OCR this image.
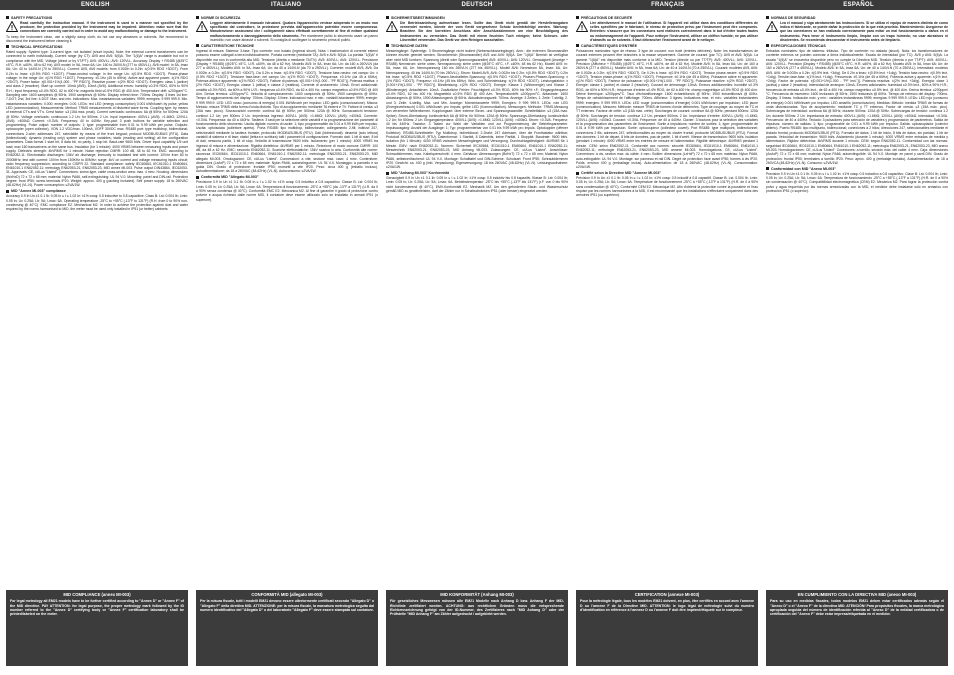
ENGLISH	ITALIANO	DEUTSCH	FRANÇAIS	ESPAÑOL
SAFETY PRECAUTIONS
Read carefully the instruction manual. If the instrument is used in a manner not specified by the producer, the protection provided by the instrument may be impaired. Attention: make sure that the connections are correctly carried out in order to avoid any malfunctioning or damage to the instrument.
To keep the instrument clean, use a slightly damp cloth; do not use any abrasives or solvents. We recommend to disconnect the instrument before cleaning it.
TECHNICAL SPECIFICATIONS
Rated supply: System type: 3-current type: not isolated (shunt inputs). Note: the external current transformers can be connected to earth individually. Current range (by CT): AV5 and AV6: 5(6)A. The "1(6)A" range is available but not in compliance with the MID. Voltage (direct or by VT/PT): AV5: 400VLL; AV6: 120VLL. Accuracy: Display + RS485 (@25°C ±5°C, R.H. ≤60%, 48 to 62 Hz). AV5 model: In 5A, Imax 6A; Un: 160 to 260VLN (277 to 450VLL). AV6 model: In 5A, Imax 6A; Un: 40 to 144VLN (70 to 250VLL). Current: AV5, AV6 models: from 0.002In to 0.2In: ±(0.5% RDG +3DGT). From 0.2In to Imax: ±(0.5% RDG +1DGT). Phase-neutral voltage: in the range Un: ±(0.5% RDG +1DGT). Phase-phase voltage: in the range Un: ±(1% RDG +1DGT). Frequency: ±0.1Hz (45 to 65Hz). Active and apparent power: ±(1% RDG +2DGT). Power factor: ±[0.001+1%(1.000 - "PF RDG")]. Reactive power: ±(2% RDG +2DGT). Energies: class 1 (active) and class 2 (reactive). Start up current: 10mA (AV5), 10mA (AV6). Additional errors: humidity ≤0.3% RDG, 60% to 90% R.H.; input frequency ≤0.4% RDG, 62 to 400 Hz; magnetic field ≤0.5% RDG @ 400 A/m. Temperature drift: ≤200ppm/°C. Sampling rate: 1600 samples/s @ 50Hz, 1900 samples/s @ 60Hz. Display refresh time: 700ms. Display: 3 lines 1st line: 7-DGT; 2nd, 3rd line: 4-DGT. Max. and min. indications: Max. instantaneous variables: 9999; energies: 9 999 999.9. Min. instantaneous variables: 0.000; energies: 0.00. LEDs: red LED (energy consumption) 0.001 kWh/kvarh by pulse; yellow LED (communication). Measurements: Method: TRMS measurements of distorted wave forms. Coupling type: by means of external CT's and VT's. Crest factor: ≤3 (15A max. peak). Current overloads: continuous: 6A @ 50Hz; for 500ms: 120A @ 50Hz. Voltage overloads: continuous 1.2 Un; for 500ms: 2 Un. Input impedance: 400VLL (AV5): >1.6MΩ; 120VLL (AV6): >400kΩ. Current: <0.3VA. Frequency: 40 to 440Hz. Key-pad: 3 push buttons for variable selection and programming. Pulse output: number of outputs: 1; type: programmable from 0.01 to 9.99 kWh per pulse. Outputs: optocoupler (open collector), VON 1.2 VDC/max. 100mA, VOFF 30VDC max. RS485 port: type multidrop, bidirectional; connections 2-wire; addresses 247, selectable by means of the front keypad; protocol MODBUS/JBUS (RTU). Data (bidirectional): dynamic (reading only) system and phase variables; static (reading and writing) all the configuration parameters. Data format 1 start bit, 8 data bit, no parity, 1 stop bit. Baud-rate 9600 bit/s. Driver input capability 1/5 unit load; max 160 transceivers on the same bus. Insulation (for 1 minute): 4000 VRMS between measuring inputs and power supply. Dielectric strength: 4kVRMS for 1 minute. Noise rejection CMRR: 100 dB, 48 to 62 Hz. EMC: according to EN62052-11. Electrostatic discharges: 15kV air discharge; immunity to irradiated test with current: 10V/m from 80 to 2000MHz; test with current: 10V/m from 150KHz to 80MHz; surge: 4kV on current and voltage measuring inputs circuit; radio frequency suppression: according to CISPR 22. Standard compliance: safety IEC60664, IEC61010-1 EN60664, EN61010-1 EN62052-11; metrology EN62053-21, EN62053-23, MID annex MI-003. Pulse output DIN43864, IEC62053-31. Approvals: CE, cULus "Listed". Connections: screw-type, cable cross-section area: max. 4 mm². Housing: dimensions (WxHxD) 72 x 72 x 65 mm; material: Nylon PA66, self-extinguishing: UL 94 V-0. Mounting: panel and DIN-rail. Protection degree: front IP50; screw terminals IP20. Weight: approx. 400 g (packing included). Self power supply: 18 to 260VAC (48-62Hz) (VL-N). Power consumption: ≤2VA/1W.
MID "Annex MI-003" compliance
Accuracy 0.9 In Un ±1 0.1 Ib: 0.05 In ≤ I ≤ 1.02 In: ±1% cosφ: 0.5 inductive to 0.8 capacitive. Class B: Lst: 0.004 Ib; Lmin: 0.05 In; Lb: 0.25A; Lb: 5A; Lmax: 6A. Operating temperature -25°C to +55°C (-13°F to 131°F) (R.H. from 0 to 90% non-condensing @ 40°C). EMC compliance E2. Mechanical M2. In order to achieve the protection against dust and water required by the norms harmonised to MID, the meter must be used only installed in IP51 (or better) cabinets.
NORME DI SICUREZZA
Leggere attentamente il manuale istruzioni. Qualora l'apparecchio venisse adoperato in un modo non specificato dal costruttore, la protezione prevista dall'apparecchio potrebbe essere compromessa. Manutenzione: assicurarsi che i collegamenti siano effettuati correttamente al fine di evitare qualsiasi malfunzionamento o danneggiamento dello strumento. Per mantenere pulito lo strumento usare un panno inumidito; non usare abrasivi o solventi. Si consiglia di scollegare lo strumento prima di pulirlo.
CARATTERISTICHE TECNICHE
Ingressi di misura: Sistema: 3-fase. Tipo corrente: non isolato (ingressi shunt). Nota: i trasformatori di corrente esterni possono essere collegati a terra individualmente. Portata corrente (mediante TA): AV5 e AV6: 5(6)A. La portata "1(6)A" è disponibile ma non in conformità alla MID. Tensione (diretta o mediante TA/TV): AV5: 400VLL; AV6: 120VLL. Precisione (Display + RS485) (@25°C ±5°C, U.R. ≤60%, da 48 a 62 Hz). Modello AV5: In 5A, Imax 6A; Un: da 160 a 260VLN (da 277 a 450VLL). Modello AV6: In 5A, Imax 6A; Un: da 40 a 144VLN (da 70 a 250VLL). Corrente: modelli AV5, AV6: Da 0.002In a 0.2In: ±(0.5% RDG +3DGT). Da 0.2In a Imax: ±(0.5% RDG +1DGT). Tensione fase-neutro: nel campo Un: ±(0.5% RDG +1DGT). Tensione fase-fase: nel campo Un: ±(1% RDG +1DGT). Frequenza: ±0.1Hz (da 45 a 65Hz). Potenza attiva e apparente: ±(1% RDG +2DGT). Fattore di potenza: ±[0.001+1%(1.000 - "PF RDG")]. Potenza reattiva: ±(2% RDG +2DGT). Energia: classe 1 (attiva) e classe 2 (reattiva). Corrente di avviamento: 10mA. Errori addizionali: umidità ≤0.3% RDG, da 60% a 90% U.R.; frequenza ≤0.4% RDG, da 62 a 400 Hz; campo magnetico ≤0.5% RDG @ 400 A/m. Deriva termica: ≤200ppm/°C. Velocità di campionamento: 1600 campioni/s @ 50Hz, 1900 campioni/s @ 60Hz. Tempo di aggiornamento del display: 700ms. Display: 3 linee. Indicazioni max. e min.: variabili istantanee: 9999; energie: 9 999 999.9. LED: LED rosso (consumo di energia) 0.001 kWh/kvarh per impulso; LED giallo (comunicazione). Misura: Metodo: misura TRMS della forma d'onda distorta. Tipo di accoppiamento: mediante TA esterni e TV. Fattore di cresta: ≤3 (15A max. picco). Sovraccarichi corrente: continui 6A @ 50Hz; per 500ms: 120A @ 50Hz. Sovraccarichi tensione: continui 1.2 Un; per 500ms 2 Un. Impedenza ingressi: 400VLL (AV5): >1.6MΩ; 120VLL (AV6): >400kΩ. Corrente: <0.3VA. Frequenza: da 40 a 440Hz. Tastiera: 3 tasti per la selezione delle variabili e la programmazione dei parametri di funzionamento dello strumento. Uscita digitale: numero di uscite: 1; tipo: programmabile da 0.01 a 9.99 kWh per impulso. Uscita: optoisolata (collettore aperto). Porta RS485: tipo multidrop, bidirezionale; collegamento 2-fili; indirizzi 247, selezionabili mediante la tastiera frontale; protocollo MODBUS/JBUS (RTU). Dati (bidirezionali): dinamici (solo lettura) variabili di sistema e di fase; statici (lettura e scrittura) tutti i parametri di configurazione. Formato dati: 1 bit di start, 8 bit di dati, nessuna parità, 1 bit di stop. Velocità di trasmissione 9600 bit/s. Isolamento (per 1 minuto): 4000 VRMS tra ingressi di misura e alimentazione. Rigidità dielettrica: 4kVRMS per 1 minuto. Reiezione di modo comune CMRR: 100 dB, da 48 a 62 Hz. EMC: secondo EN62052-11. Scariche elettrostatiche: 15kV scarica in aria. Conformità alle norme: sicurezza IEC60664, IEC61010-1 EN60664, EN61010-1 EN62052-11; metrologia EN62053-21, EN62053-23, MID allegato MI-003. Omologazioni: CE, cULus "Listed". Connessioni: a vite, sezione max. cavo: 4 mm². Contenitore: dimensioni (LxAxP) 72 x 72 x 65 mm; materiale: Nylon PA66, autoestinguente: UL 94 V-0. Montaggio: a pannello e su guida DIN. Grado di protezione: frontale IP50; morsetti a vite IP20. Peso: circa 400 g (imballo incluso). Autoalimentazione: da 18 a 260VAC (48-62Hz) (VL-N). Autoconsumo: ≤2VA/1W.
Conformità MID "Allegato MI-003"
Precisione 0.9 In Un ±1 0.1 Ib: 0.05 In ≤ I ≤ 1.02 In: ±1% cosφ: 0.5 induttivo a 0.8 capacitivo. Classe B: Lst: 0.004 Ib; Lmin: 0.05 In; Lb: 0.25A; Lb: 5A; Lmax: 6A. Temperatura di funzionamento -25°C a +55°C (da -13°F a 131°F) (U.R. da 0 a 90% senza condensa @ 40°C). Conformità EMC E2. Meccanica M2. Al fine di garantire il grado di protezione contro polvere e acqua richiesto dalle norme MID, il contatore deve essere utilizzato solo se installato in armadi IP51 (o superiore).
SICHERHEITSBESTIMMUNGEN
Die Betriebsanleitung aufmerksam lesen. Sollte das Gerät nicht gemäß der Herstellerangaben verwendet werden, könnte der vom Gerät vorgesehene Schutz beeinträchtigt werden. Wartung: Beachten Sie den korrekten Anschluss aller Anschlussklemmen um eine Beschädigung des Instrumentes zu vermeiden. Das Gerät mit einem feuchten Tuch reinigen; keine Scheuer- oder Lösemittel verwenden. Das Gerät vor dem Reinigen ausschalten.
TECHNISCHE DATEN
Messeingänge: Systemtyp: 3 Stromeingänge nicht isoliert (Nebenschlusseingänge). Anm.: die externen Stromwandler können einzeln geerdet werden. Strombereich (Stromwandler) AV5 und AV6: 5(6)A. Der "1(6)A" Bereich ist verfügbar aber nicht MID konform. Spannung (direkt oder Spannungswandler) AV5: 400VLL; AV6: 120VLL. Genauigkeit (Anzeige + RS485) Nennstrom: siehe unten. Nennspannung: siehe unten (@25°C ±5°C, r.F. ≤60%, 48 bis 62 Hz). Modell AV5: In: 5A, Imax: 6A, Un: Nennspannung 160 bis 260VLN (277 bis 450VLL). Modell AV6: Nennstrom 5A, Imax: 6A, Un: Nennspannung: 40 bis 144VLN (70 bis 250VLL). Strom: Modell AV5, AV6: 0.002In bis 0.2In: ±(0.5% RDG +3DGT); 0.2In bis Imax: ±(0.5% RDG +1DGT). Phasen-Neutralleiter-Spannung: ±(0.5% RDG +1DGT). Phasen-Phasen-Spannung: ±(1% RDG +1DGT). Frequenz: ±0.1Hz (45 bis 65Hz). Wirk- und Scheinleistung: ±(1% RDG +2DGT). Leistungsfaktor: ±[0.001+1%(1.000 - "PF RDG")]. Blindleistung: ±(2% RDG +2DGT). Energie: Klasse 1 (Wirkenergie) und Klasse 2 (Blindenergie). Anlaufstrom: 10mA. Zusätzliche Fehler: Feuchtigkeit ≤0.3% RDG, 60% bis 90% r.F.; Eingangsfrequenz ≤0.4% RDG, 62 bis 400 Hz; Magnetfeld ≤0.5% RDG @ 400 A/m. Temperaturdrift: ≤200ppm/°C. Abtastrate: 1600 Abtastungen/s @ 50Hz, 1900 Abtastungen/s @ 60Hz. Aktualisierungszeit: 700ms. Anzeige: 3 Zeilen, 1. Zeile: 7-stellig; 2. und 3. Zeile: 4-stellig. Max. und Min. Anzeige: Momentanwerte 9999; Energien: 9 999 999.9. LEDs: rote LED (Energieverbrauch) 0.001 kWh/kvarh pro Impuls; gelbe LED (Kommunikation). Messungen: Methode: TRMS-Messung von verzerrten Wellenformen. Kopplungsart: über externe Strom- und Spannungswandler. Scheitelfaktor: ≤3 (15A max. Spitze). Strom-Überlastung: kontinuierlich 6A @ 50Hz; für 500ms: 120A @ 50Hz. Spannungs-Überlastung: kontinuierlich 1.2 Un; für 500ms: 2 Un. Eingangsimpedanz: 400VLL (AV5): >1.6MΩ; 120VLL (AV6): >400kΩ. Strom: <0.3VA. Frequenz: 40 bis 440Hz. Tastatur: 3 Tasten zur Wahl der Variablen und zur Programmierung der Betriebsparameter. Impulsausgang: Anzahl der Ausgänge: 1; Typ: programmierbar von 0.01 bis 9.99 kWh pro Impuls. Optokoppler (offener Kollektor). RS485-Schnittstelle: Typ Multidrop, bidirektional; 2-Draht; 247 Adressen, über die Fronttastatur wählbar; Protokoll MODBUS/JBUS (RTU). Datenformat: 1 Startbit, 8 Datenbits, keine Parität, 1 Stoppbit. Baudrate: 9600 bit/s. Isolation (für 1 Minute): 4000 VRMS zwischen Messeingängen und Versorgung. Durchschlagsfestigkeit: 4kVRMS für 1 Minute. EMV: nach EN62052-11. Normen: Sicherheit IEC60664, IEC61010-1 EN60664, EN61010-1 EN62052-11; Messtechnik EN62053-21, EN62053-23, MID Anhang MI-003. Zulassungen: CE, cULus "Listed". Anschlüsse: Schraubklemmen, max. Kabelquerschnitt: 4 mm². Gehäuse: Abmessungen (BxHxT) 72 x 72 x 65 mm; Material: Nylon PA66, selbstverlöschend: UL 94 V-0. Montage: Schalttafel und DIN-Schiene. Schutzart: Front IP50; Schraubklemmen IP20. Gewicht: ca. 400 g (inkl. Verpackung). Eigenversorgung: 18 bis 260VAC (48-62Hz) (VL-N). Leistungsaufnahme: ≤2VA/1W.
MID "Anhang MI-003" Konformität
Genauigkeit 0.9 In Un ±1 0.1 Ib: 0.05 In ≤ I ≤ 1.02 In: ±1% cosφ: 0.5 induktiv bis 0.8 kapazitiv. Klasse B: Lst: 0.004 Ib; Lmin: 0.05 In; Lb: 0.25A; Lb: 5A; Lmax: 6A. Betriebstemperatur -25°C bis +55°C (-13°F bis 131°F) (r.F. von 0 bis 90% nicht kondensierend @ 40°C). EMV-Konformität E2. Mechanik M2. Um den geforderten Staub- und Wasserschutz gemäß MID zu gewährleisten, darf der Zähler nur in Schaltschränken IP51 (oder besser) eingesetzt werden.
PRÉCAUTIONS DE SECURITE
Lire attentivement le manuel de l'utilisateur. Si l'appareil est utilisé dans des conditions différentes de celles spécifiées par le fabricant, le niveau de protection prévu par l'instrument peut être compromis. Entretien: s'assurer que les connexions sont réalisées correctement dans le but d'éviter toutes fautes ou endommagement de l'appareil. Pour nettoyer l'instrument, utiliser un chiffon humide; ne pas utiliser d'abrasifs ou de solvants. Il faut débrancher l'instrument avant de le nettoyer.
CARACTÉRISTIQUES D'ENTRÉE
Puissances nominales: type de réseau: 3 type de courant: non isolé (entrées dérivées). Note: les transformateurs de courant externes peuvent être branchés à la masse séparément. Gamme de courant (par TC): AV5 et AV6: 5(6)A. La gamme "1(6)A" est disponible mais conforme à la MID. Tension (directe ou par TT/TP): AV5: 400VLL; AV6: 120VLL. Précision (Afficheur + RS485) (@25°C ±5°C, H.R. ≤60%, de 48 à 62 Hz). Modèle AV5: In 5A, Imax 6A; Un: de 160 à 260VLN (277 à 450VLL). Modèle AV6: In 5A, Imax 6A; Un: de 40 à 144VLN (70 à 250VLL). Courant: modèles AV5, AV6: de 0.002In à 0.2In: ±(0.5% RDG +3DGT). De 0.2In à Imax: ±(0.5% RDG +1DGT). Tension phase-neutre: ±(0.5% RDG +1DGT). Tension phase-phase: ±(1% RDG +1DGT). Fréquence: ±0.1Hz (de 45 à 65Hz). Puissance active et apparente: ±(1% RDG +2DGT). Facteur de puissance: ±[0.001+1%(1.000 - "PF RDG")]. Puissance réactive: ±(2% RDG +2DGT). Énergie: classe 1 (active) et classe 2 (réactive). Courant de démarrage: 10mA. Erreurs additionnelles: humidité ≤0.3% RDG, de 60% à 90% H.R.; fréquence d'entrée ≤0.4% RDG, de 62 à 400 Hz; champ magnétique ≤0.5% RDG @ 400 A/m. Dérive thermique: ≤200ppm/°C. Taux d'échantillonnage: 1600 échantillons/s @ 50Hz, 1900 échantillons/s @ 60Hz. Temps de rafraîchissement de l'affichage: 700ms. Afficheur: 3 lignes. Indications max. et min.: variables instantanées 9999; énergies: 9 999 999.9. LEDs: LED rouge (consommation d'énergie) 0.001 kWh/kvarh par impulsion; LED jaune (communication). Mesures: Méthode: mesure TRMS de formes d'onde déformées. Type de couplage: au moyen de TC et TT externes. Facteur de crête: ≤3 (15A max. crête). Surcharges de courant: continue 6A @ 50Hz; pendant 500ms: 120A @ 50Hz. Surcharges de tension: continue 1.2 Un; pendant 500ms: 2 Un. Impédance d'entrée: 400VLL (AV5): >1.6MΩ; 120VLL (AV6): >400kΩ. Courant: <0.3VA. Fréquence: de 40 à 440Hz. Clavier: 3 boutons pour la sélection des variables et la programmation des paramètres de l'instrument. Sortie à impulsions: nombre de sorties: 1; type: programmable de 0.01 à 9.99 kWh par impulsion. Sortie: optocoupleur (collecteur ouvert). Port RS485: type multipoint, bidirectionnel; connexions 2 fils; adresses 247, sélectionnables au moyen du clavier frontal; protocole MODBUS/JBUS (RTU). Format des données: 1 bit de départ, 8 bits de données, pas de parité, 1 bit d'arrêt. Vitesse de transmission: 9600 bit/s. Isolation (pendant 1 minute): 4000 VRMS entre les entrées de mesure et l'alimentation. Rigidité diélectrique: 4kVRMS pendant 1 minute. CEM: selon EN62052-11. Conformité aux normes: sécurité IEC60664, IEC61010-1 EN60664, EN61010-1 EN62052-11; métrologie EN62053-21, EN62053-23, MID annexe MI-003. Homologations: CE, cULus "Listed". Connexions: à vis, section max. du câble: 4 mm². Boîtier: dimensions (LxHxP) 72 x 72 x 65 mm; matériau: Nylon PA66, auto-extinguible: UL 94 V-0. Montage: sur panneau et rail DIN. Degré de protection: face avant IP50; bornes à vis IP20. Poids: environ 400 g (emballage inclus). Auto-alimentation: de 18 à 260VAC (48-62Hz) (VL-N). Consommation: ≤2VA/1W.
Certifié selon la Directive MID "Annexe MI-003"
Précision 0.9 In Un ±1 0.1 Ib: 0.05 In ≤ I ≤ 1.02 In: ±1% cosφ: 0.5 inductif à 0.8 capacitif. Classe B: Lst: 0.004 Ib; Lmin: 0.05 In; Lb: 0.25A; Lb: 5A; Lmax: 6A. Température de fonctionnement -25°C à +55°C (-13°F à 131°F) (H.R. de 0 à 90% sans condensation @ 40°C). Conformité CEM E2. Mécanique M2. Afin d'obtenir la protection contre la poussière et l'eau requise par les normes harmonisées à la MID, il est recommandé que les installations s'effectuent uniquement dans des armoires IP51 (ou supérieur).
NORMAS DE SEGURIDAD
Lea el manual y siga atentamente las instrucciones. Si se utiliza el equipo de manera distinta de como indica el fabricante, se puede dañar la protección de la que está provisto. Mantenimiento: Asegúrese de que las conexiones se han realizado correctamente para evitar un mal funcionamiento o daños en el instrumento. Para tener el instrumento limpio, limpiar con un trapo húmedo; no usar abrasivos ni disolventes. Se recomienda desconectar el instrumento antes de limpiarlo.
ESPECIFICACIONES TÉCNICAS
Entradas nominales: tipo de sistema: trifásico. Tipo de corriente: no aislada (shunt). Nota: los transformadores de corriente externos se pueden conectar a tierra individualmente. Escala de intensidad (por TC): AV5 y AV6: 5(6)A. La escala "1(6)A" se encuentra disponible pero no cumple la Directiva MID. Tensión (directa o por TT/PT): AV5: 400VLL; AV6: 120VLL. Precisión (Display + RS485) (@25°C ±5°C, H.R. ≤60%, 48 a 62 Hz). Modelo AV5: In 5A, Imax 6A; Un: de 160 a 260VLN (277 a 450VLL). Modelo AV6: In 5A, Imax 6A; Un: de 40 a 144VLN (70 a 250VLL). Intensidad: modelos AV5, AV6: de 0.002In a 0.2In: ±(0.5% lect. +3díg). De 0.2In a Imax: ±(0.5% lect. +1díg). Tensión fase-neutro: ±(0.5% lect. +1díg). Tensión fase-fase: ±(1% lect. +1díg). Frecuencia: ±0.1Hz (de 45 a 65Hz). Potencia activa y aparente: ±(1% lect. +2díg). Factor de potencia: ±[0.001+1%(1.000 - "PF lect.")]. Potencia reactiva: ±(2% lect. +2díg). Energía: clase 1 (activa) y clase 2 (reactiva). Intensidad de arranque: 10mA. Errores adicionales: humedad ≤0.3% lect., 60% a 90% H.R.; frecuencia de entrada ≤0.4% lect., de 62 a 400 Hz; campo magnético ≤0.5% lect. @ 400 A/m. Deriva térmica: ≤200ppm/°C. Frecuencia de muestreo: 1600 lecturas/s @ 50Hz, 1900 lecturas/s @ 60Hz. Tiempo de refresco del display: 700ms. Display: 3 líneas. Indicación máx. y mín.: variables instantáneas 9999; energías: 9 999 999.9. LEDs: LED rojo (consumo de energía) 0.001 kWh/kvarh por impulso; LED amarillo (comunicación). Medidas: Método: medida TRMS de formas de onda distorsionadas. Tipo de acoplamiento: mediante TC y TT externos. Factor de cresta: ≤3 (15A máx. pico). Sobrecargas de intensidad: continua 6A @ 50Hz; durante 500ms: 120A @ 50Hz. Sobrecargas de tensión: continua 1.2 Un; durante 500ms: 2 Un. Impedancia de entrada: 400VLL (AV5): >1.6MΩ; 120VLL (AV6): >400kΩ. Intensidad: <0.3VA. Frecuencia: de 40 a 440Hz. Teclado: 3 pulsadores para selección de variables y programación de parámetros. Salida de impulsos: número de salidas: 1; tipo: programable de 0.01 a 9.99 kWh por impulso. Salida: optoacoplador (colector abierto). Puerto RS485: tipo multipunto, bidireccional; conexiones a 2 hilos; direcciones 247, seleccionables mediante el teclado frontal; protocolo MODBUS/JBUS (RTU). Formato de datos: 1 bit de inicio, 8 bits de datos, sin paridad, 1 bit de parada. Velocidad de transmisión: 9600 bit/s. Aislamiento (durante 1 minuto): 4000 VRMS entre entradas de medida y alimentación. Rigidez dieléctrica: 4kVRMS durante 1 minuto. CEM: según EN62052-11. Conformidad con las normas: seguridad IEC60664, IEC61010-1 EN60664, EN61010-1 EN62052-11; metrología EN62053-21, EN62053-23, MID anexo MI-003. Homologaciones: CE, cULus "Listed". Conexiones: a tornillo, sección máx. del cable: 4 mm². Caja: dimensiones (AxAxP) 72 x 72 x 65 mm; material: Nylon PA66, autoextinguible: UL 94 V-0. Montaje: en panel y carril DIN. Grado de protección: frontal IP50; terminales a tornillo IP20. Peso: aprox. 400 g (embalaje incluido). Autoalimentación: de 18 a 260VCA (48-62Hz) (VL-N). Consumo: ≤2VA/1W.
Conformidad con MID "Anexo MI-003"
Precisión 0.9 In Un ±1 0.1 Ib: 0.05 In ≤ I ≤ 1.02 In: ±1% cosφ: 0.5 inductivo a 0.8 capacitivo. Clase B: Lst: 0.004 Ib; Lmin: 0.05 In; Lb: 0.25A; Lb: 5A; Lmax: 6A. Temperatura de funcionamiento -25°C a +55°C (-13°F a 131°F) (H.R. de 0 a 90% sin condensación @ 40°C). Compatibilidad electromagnética (CEM) E2. Mecánica M2. Para lograr la protección contra polvo y agua requerida por las normas armonizadas con la MID, el medidor debe instalarse sólo en armarios con protección IP51 (o superior).
MID COMPLIANCE (annex MI-003)
For legal metrology all EM21 models have to be further certified according to "Annex D" or "Annex F" of the MID directive. PAY ATTENTION: for legal purpose, the proper metrology mark followed by the ID number referred to the "Annex D" certifying body or "Annex F" certification laboratory shall be printed/labeled on the meter.
CONFORMITÀ MID (allegato MI-003)
Per la misura fiscale, tutti i modelli EM21 devono essere ulteriormente certificati secondo "Allegato D" o "Allegato F" della direttiva MID. ATTENZIONE: per la misura fiscale, la marcatura metrologica seguita dal numero identificativo del "Allegato D" o del laboratorio "Allegato F" deve essere stampata sul contatore.
MID KONFORMITÄT (Anhang MI-003)
Für gesetzliches Messwesen müssen alle EM21 Modelle nach Anhang D bzw. Anhang F der MID-Richtlinie zertifiziert werden. ACHTUNG: aus rechtlichen Gründen muss die entsprechende Eichkennzeichnung gefolgt von der ID-Nummer, des Zertifizieres nach "MID Anhang D" oder der Prüfstelle "MID Anhang F" am Zähler aufgedruckt / aufgeklebt werden.
CERTIFICATION (annexe MI-003)
Pour la métrologie légale, tous les modèles EM21 doivent, en plus, être certifiés en accord avec l'annexe D ou l'annexe F de la Directive MID. ATTENTION: le logo légal de métrologie suivi du numéro d'identification en référence à l'annexe D ou l'annexe F doit être imprimé/étiqueté sur le compteur.
EN CUMPLIMIENTO CON LA DIRECTIVA MID (anexo MI-003)
Para su uso en medidas fiscales, todos modelos EM21 deben estar certificados además según el "Anexo D" o el "Anexo F" de la directiva MID. ATENCIÓN! Para propósitos fiscales, la marca metrológica apropiada seguida del número de identificación referida al "Anexo D" de la entidad certificadora o de certificación del "Anexo F" debe estar impresa/etiquetada en el medidor.
